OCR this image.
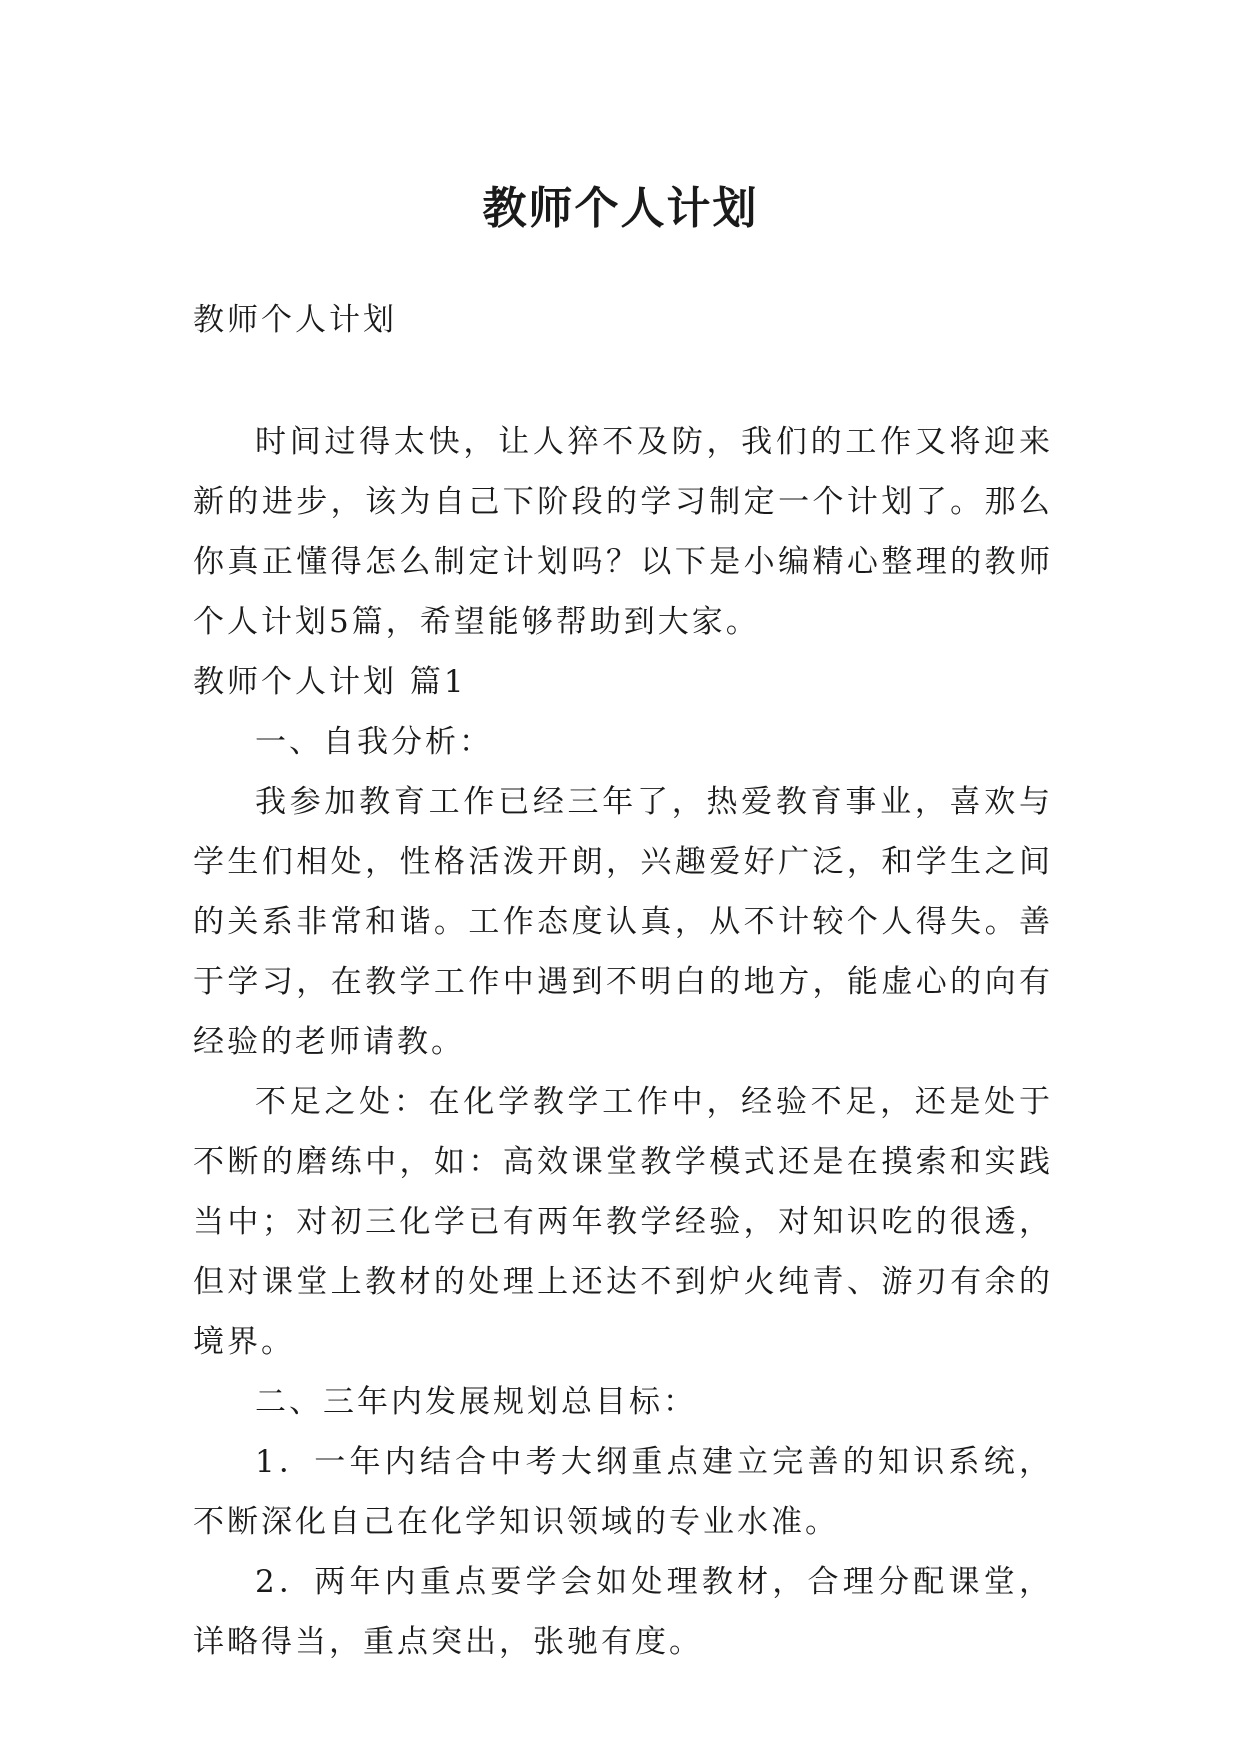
教师个人计划

教师个人计划

时间过得太快，让人猝不及防，我们的工作又将迎来新的进步，该为自己下阶段的学习制定一个计划了。那么你真正懂得怎么制定计划吗？以下是小编精心整理的教师个人计划5篇，希望能够帮助到大家。

教师个人计划 篇1

一、自我分析：

我参加教育工作已经三年了，热爱教育事业，喜欢与学生们相处，性格活泼开朗，兴趣爱好广泛，和学生之间的关系非常和谐。工作态度认真，从不计较个人得失。善于学习，在教学工作中遇到不明白的地方，能虚心的向有经验的老师请教。

不足之处：在化学教学工作中，经验不足，还是处于不断的磨练中，如：高效课堂教学模式还是在摸索和实践当中；对初三化学已有两年教学经验，对知识吃的很透，但对课堂上教材的处理上还达不到炉火纯青、游刃有余的境界。

二、三年内发展规划总目标：

1．一年内结合中考大纲重点建立完善的知识系统，不断深化自己在化学知识领域的专业水准。

2．两年内重点要学会如处理教材，合理分配课堂，详略得当，重点突出，张驰有度。
